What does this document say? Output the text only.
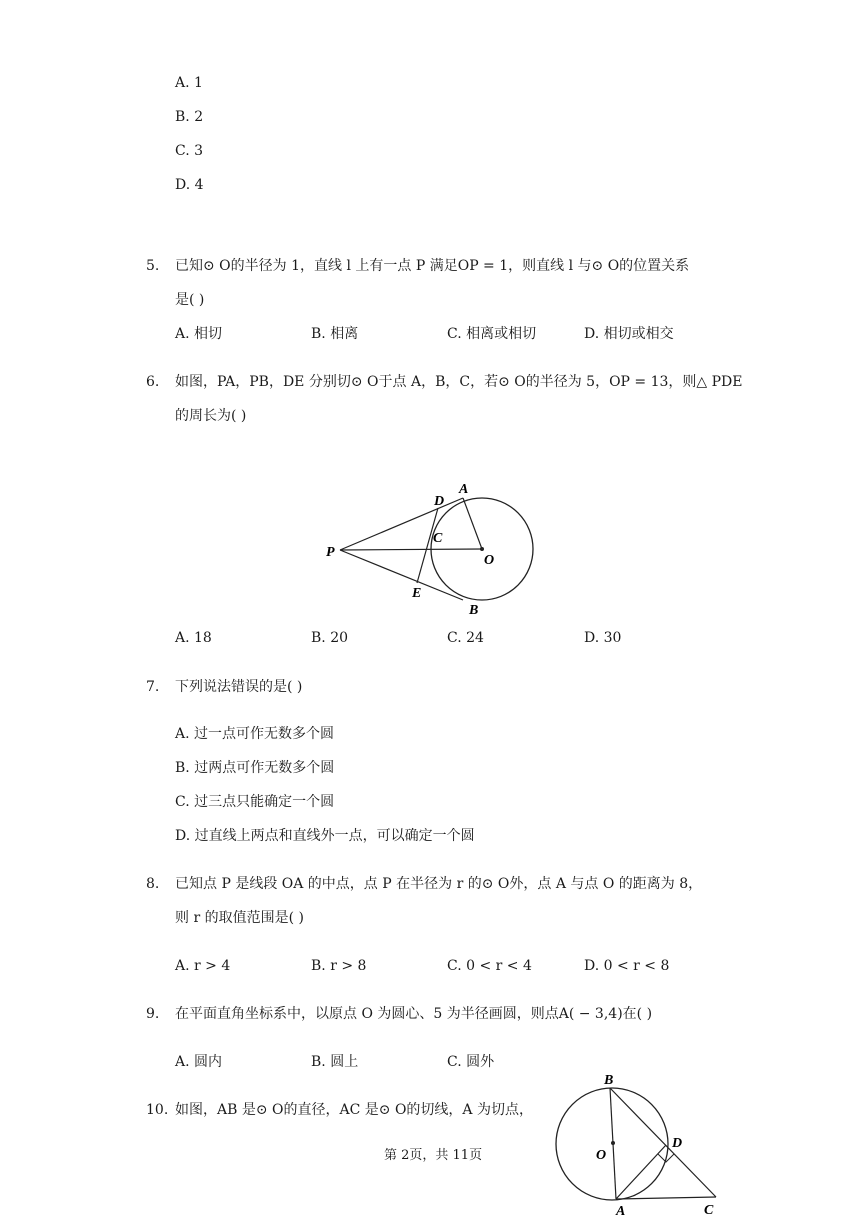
A. 1
B. 2
C. 3
D. 4
5. 已知⊙ O的半径为 1，直线 l 上有一点 P 满足OP = 1，则直线 l 与⊙ O的位置关系
是( )
A. 相切	B. 相离	C. 相离或相切	D. 相切或相交
6. 如图，PA，PB，DE 分别切⊙ O于点 A，B，C，若⊙ O的半径为 5，OP = 13，则△ PDE
的周长为( )
P
O
A
B
C
D
E
A. 18	B. 20	C. 24	D. 30
7. 下列说法错误的是( )
A. 过一点可作无数多个圆
B. 过两点可作无数多个圆
C. 过三点只能确定一个圆
D. 过直线上两点和直线外一点，可以确定一个圆
8. 已知点 P 是线段 OA 的中点，点 P 在半径为 r 的⊙ O外，点 A 与点 O 的距离为 8，
则 r 的取值范围是( )
A. r > 4	B. r > 8	C. 0 < r < 4	D. 0 < r < 8
9. 在平面直角坐标系中，以原点 O 为圆心、5 为半径画圆，则点A( − 3,4)在( )
A. 圆内	B. 圆上	C. 圆外
10. 如图，AB 是⊙ O的直径，AC 是⊙ O的切线，A 为切点，
B
O
D
A	C
第 2页，共 11页
